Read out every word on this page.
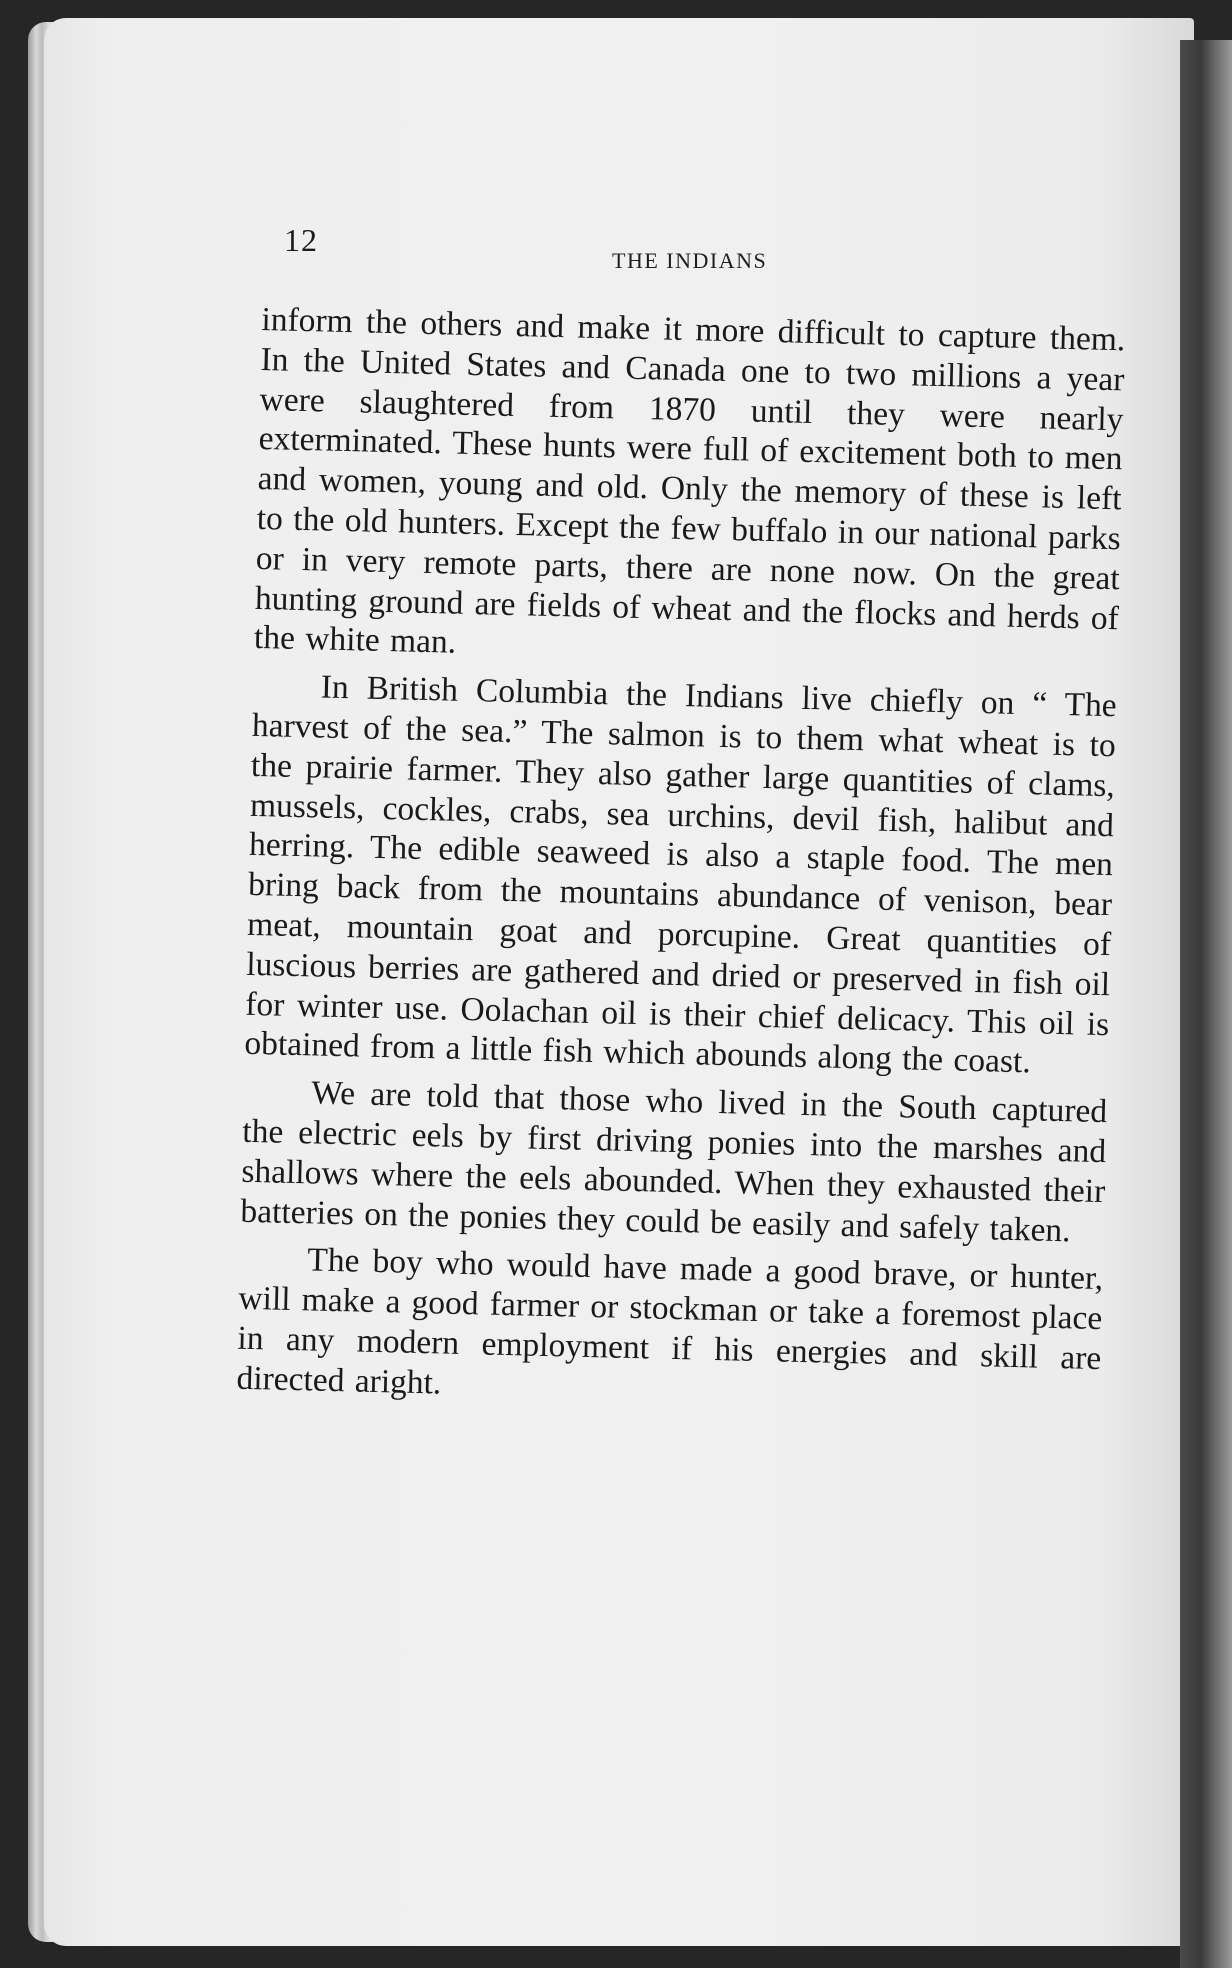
12
THE INDIANS

inform the others and make it more difficult to capture them. In the United States and Canada one to two millions a year were slaughtered from 1870 until they were nearly exterminated. These hunts were full of excitement both to men and women, young and old. Only the memory of these is left to the old hunters. Except the few buffalo in our national parks or in very remote parts, there are none now. On the great hunting ground are fields of wheat and the flocks and herds of the white man.

In British Columbia the Indians live chiefly on “ The harvest of the sea.” The salmon is to them what wheat is to the prairie farmer. They also gather large quantities of clams, mussels, cockles, crabs, sea urchins, devil fish, halibut and herring. The edible seaweed is also a staple food. The men bring back from the mountains abundance of venison, bear meat, mountain goat and porcupine. Great quantities of luscious berries are gathered and dried or preserved in fish oil for winter use. Oolachan oil is their chief delicacy. This oil is obtained from a little fish which abounds along the coast.

We are told that those who lived in the South captured the electric eels by first driving ponies into the marshes and shallows where the eels abounded. When they exhausted their batteries on the ponies they could be easily and safely taken.

The boy who would have made a good brave, or hunter, will make a good farmer or stockman or take a foremost place in any modern employment if his energies and skill are directed aright.
